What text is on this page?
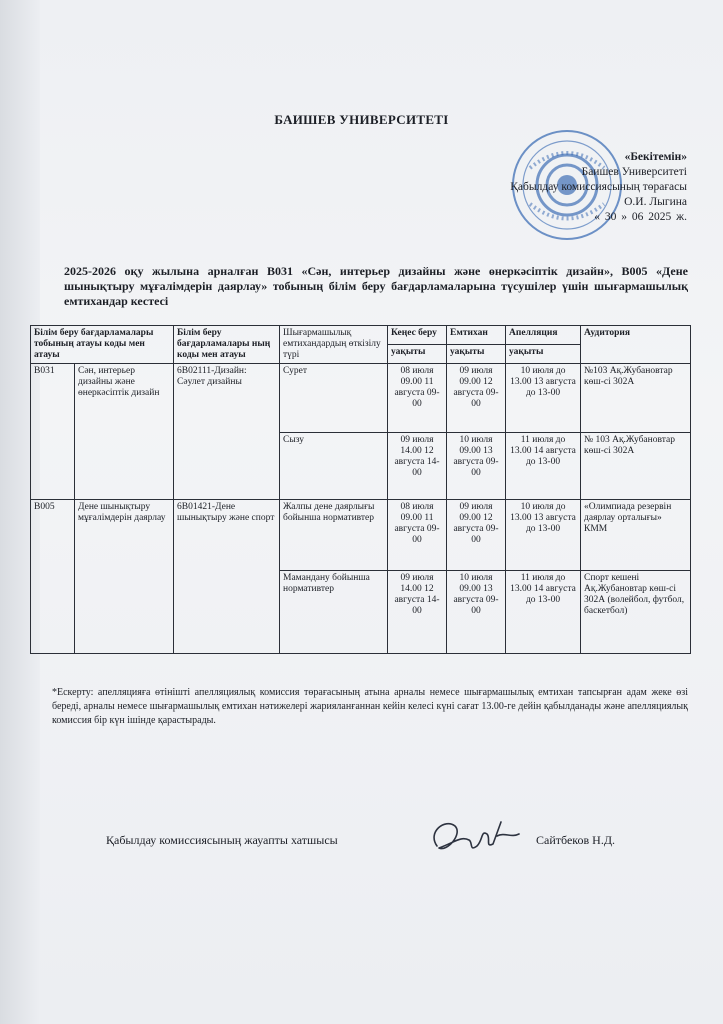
БАИШЕВ УНИВЕРСИТЕТІ
«Бекітемін»
Баишев Университеті
Қабылдау комиссиясының төрағасы
О.И. Лыгина
« 30 » 06 2025 ж.
2025-2026 оқу жылына арналған В031 «Сән, интерьер дизайны және өнеркәсіптік дизайн», В005 «Дене шынықтыру мұғалімдерін даярлау» тобының білім беру бағдарламаларына түсушілер үшін шығармашылық емтихандар кестесі
Білім беру бағдарламалары тобының атауы коды мен атауы		Білім беру бағдарламалары ның коды мен атауы	Шығармашылық емтихандардың өткізілу түрі	Кеңес беру	Емтихан	Апелляция	Аудитория
				уақыты	уақыты	уақыты	
B031	Сән, интерьер дизайны және өнеркәсіптік дизайн	6B02111-Дизайн: Сәулет дизайны	Сурет	08 июля 09.00 11 августа 09-00	09 июля 09.00 12 августа 09-00	10 июля до 13.00 13 августа до 13-00	№103 Ақ.Жубановтар көш-сі 302А
			Сызу	09 июля 14.00 12 августа 14-00	10 июля 09.00 13 августа 09-00	11 июля до 13.00 14 августа до 13-00	№ 103 Ақ.Жубановтар көш-сі 302А
B005	Дене шынықтыру мұғалімдерін даярлау	6B01421-Дене шынықтыру және спорт	Жалпы дене даярлығы бойынша нормативтер	08 июля 09.00 11 августа 09-00	09 июля 09.00 12 августа 09-00	10 июля до 13.00 13 августа до 13-00	«Олимпиада резервін даярлау орталығы» КММ
			Мамандану бойынша нормативтер	09 июля 14.00 12 августа 14-00	10 июля 09.00 13 августа 09-00	11 июля до 13.00 14 августа до 13-00	Спорт кешені Ақ.Жубановтар көш-сі 302А (волейбол, футбол, баскетбол)
*Ескерту: апелляцияға өтінішті апелляциялық комиссия төрағасының атына арналы немесе шығармашылық емтихан тапсырған адам жеке өзі береді, арналы немесе шығармашылық емтихан нәтижелері жарияланғаннан кейін келесі күні сағат 13.00-ге дейін қабылданады және апелляциялық комиссия бір күн ішінде қарастырады.
Қабылдау комиссиясының жауапты хатшысы	Сайтбеков Н.Д.
